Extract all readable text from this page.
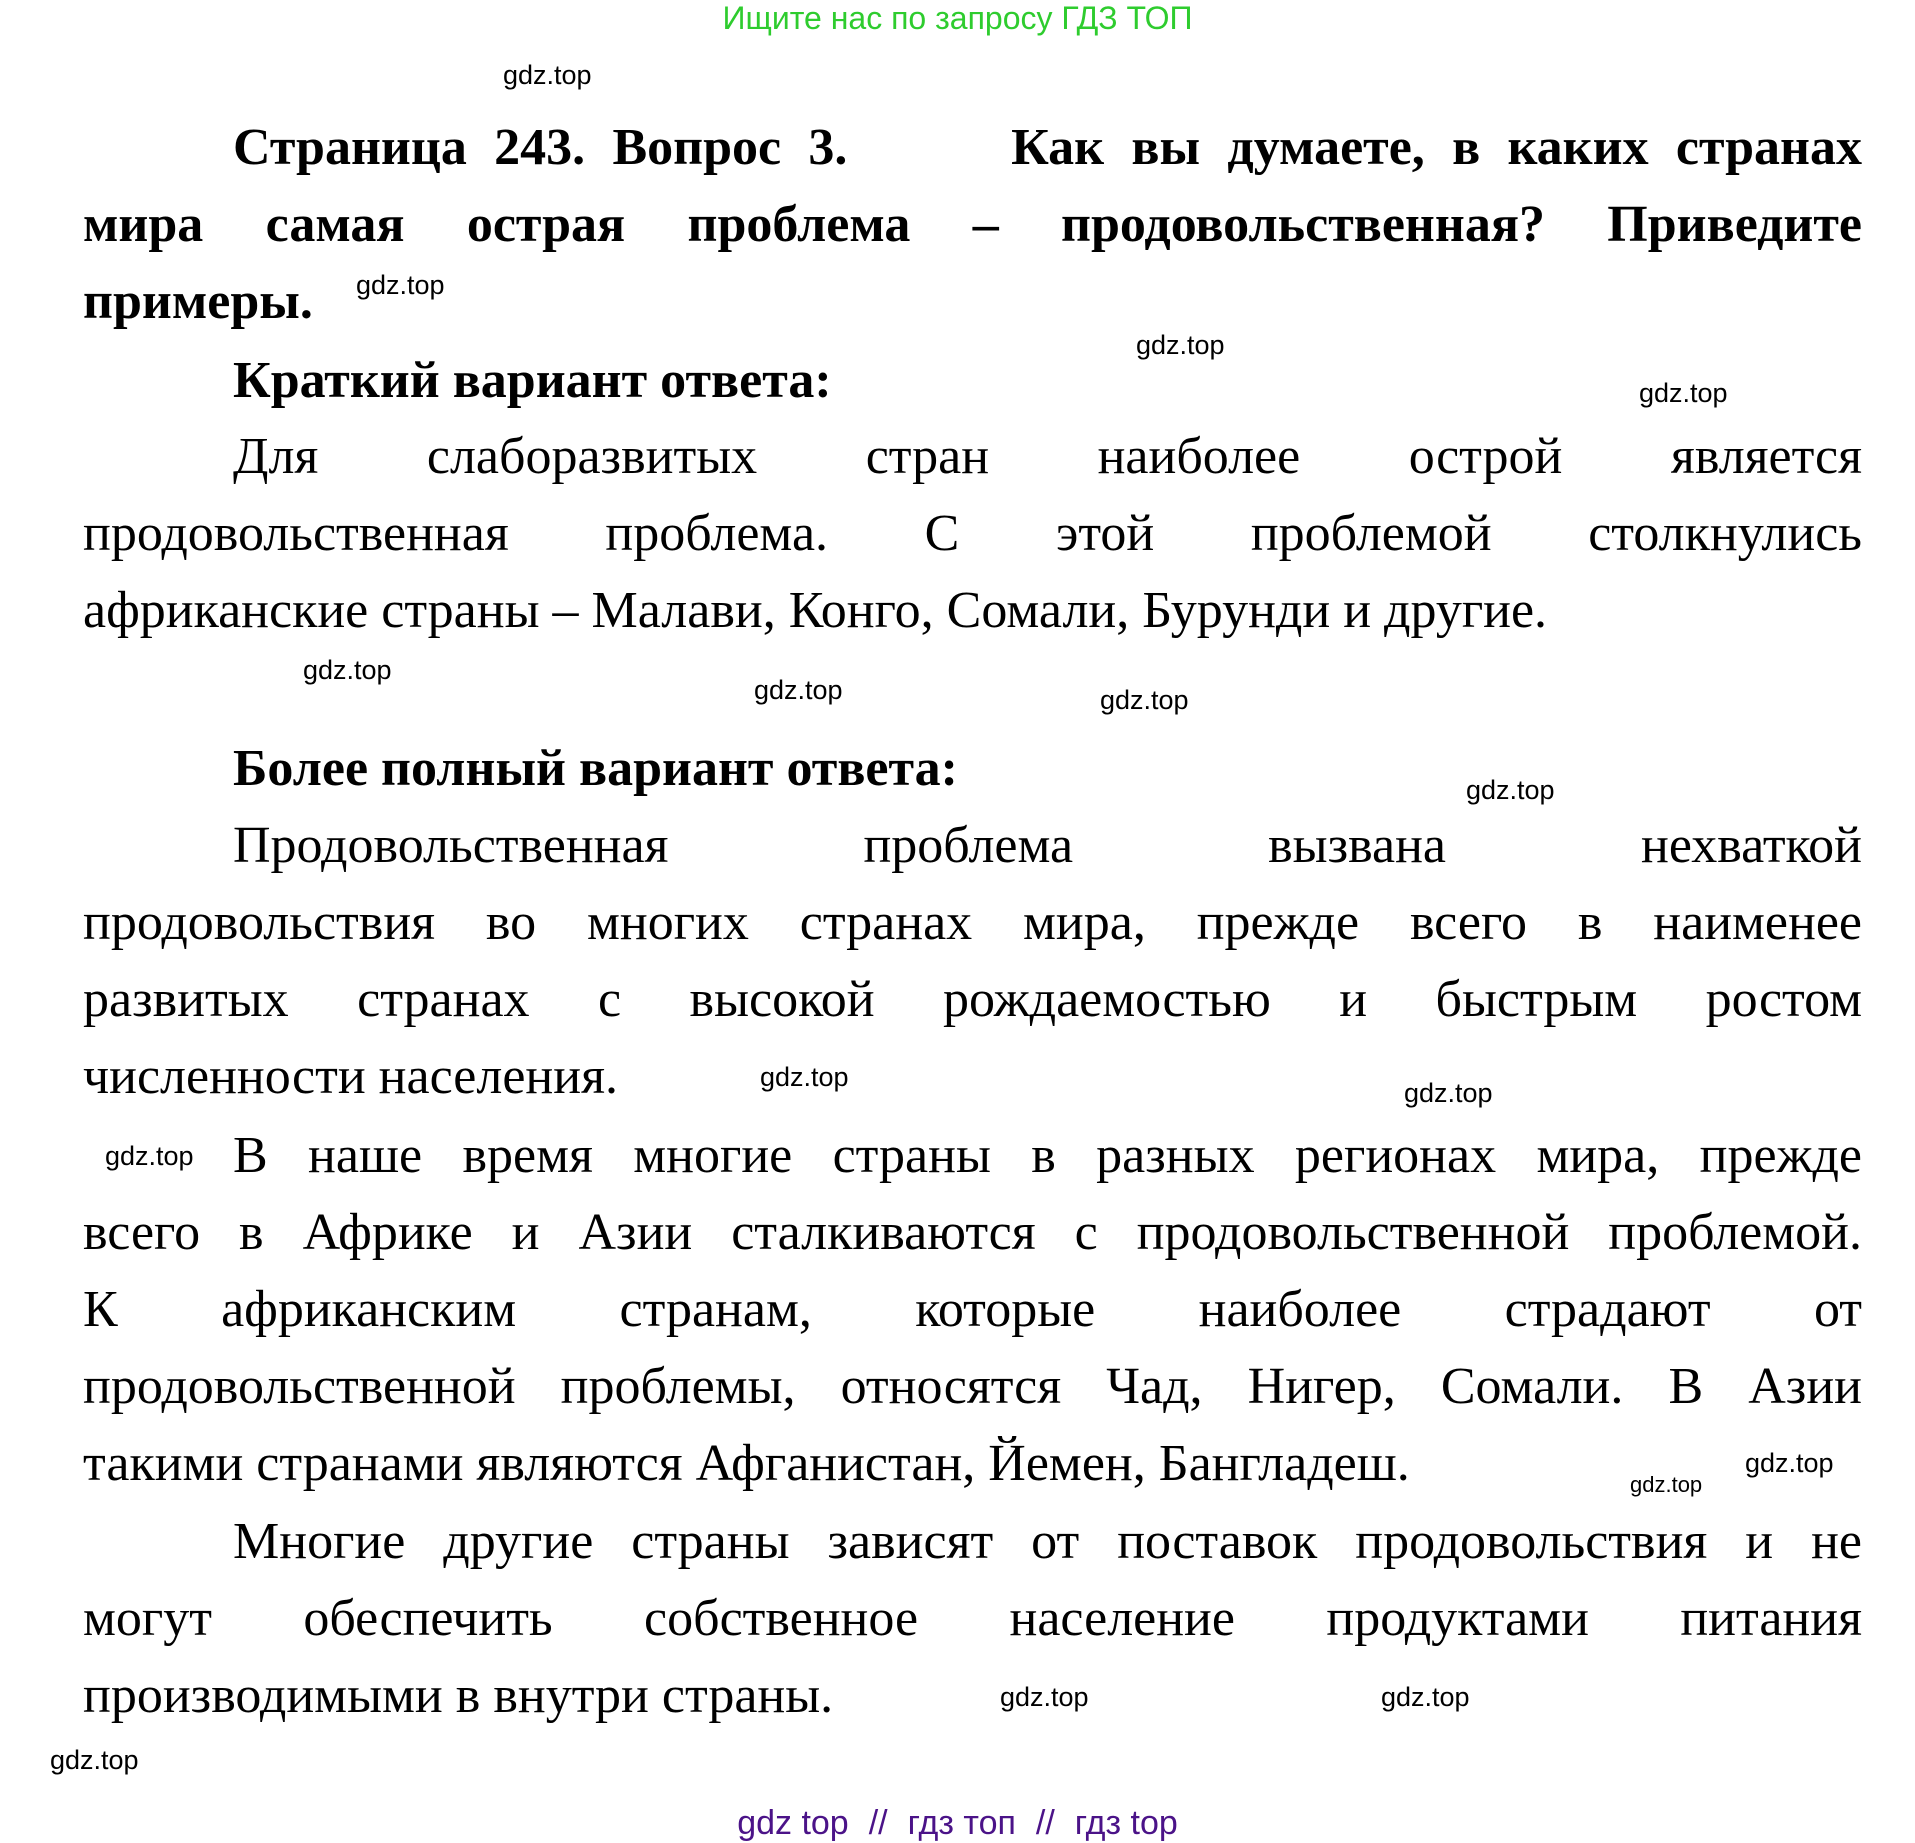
Ищите нас по запросу ГДЗ ТОП
Страница 243. Вопрос 3.      Как вы думаете, в каких странах
мира самая острая проблема – продовольственная? Приведите
примеры.
Краткий вариант ответа:
Для слаборазвитых стран наиболее острой является
продовольственная проблема. С этой проблемой столкнулись
африканские страны – Малави, Конго, Сомали, Бурунди и другие.
Более полный вариант ответа:
Продовольственная проблема вызвана нехваткой
продовольствия во многих странах мира, прежде всего в наименее
развитых странах с высокой рождаемостью и быстрым ростом
численности населения.
В наше время многие страны в разных регионах мира, прежде
всего в Африке и Азии сталкиваются с продовольственной проблемой.
К африканским странам, которые наиболее страдают от
продовольственной проблемы, относятся Чад, Нигер, Сомали. В Азии
такими странами являются Афганистан, Йемен, Бангладеш.
Многие другие страны зависят от поставок продовольствия и не
могут обеспечить собственное население продуктами питания
производимыми в внутри страны.
gdz.top
gdz.top
gdz.top
gdz.top
gdz.top
gdz.top
gdz.top
gdz.top
gdz.top
gdz.top
gdz.top
gdz.top
gdz.top
gdz.top	gdz.top
gdz.top
gdz top // гдз топ // гдз top
